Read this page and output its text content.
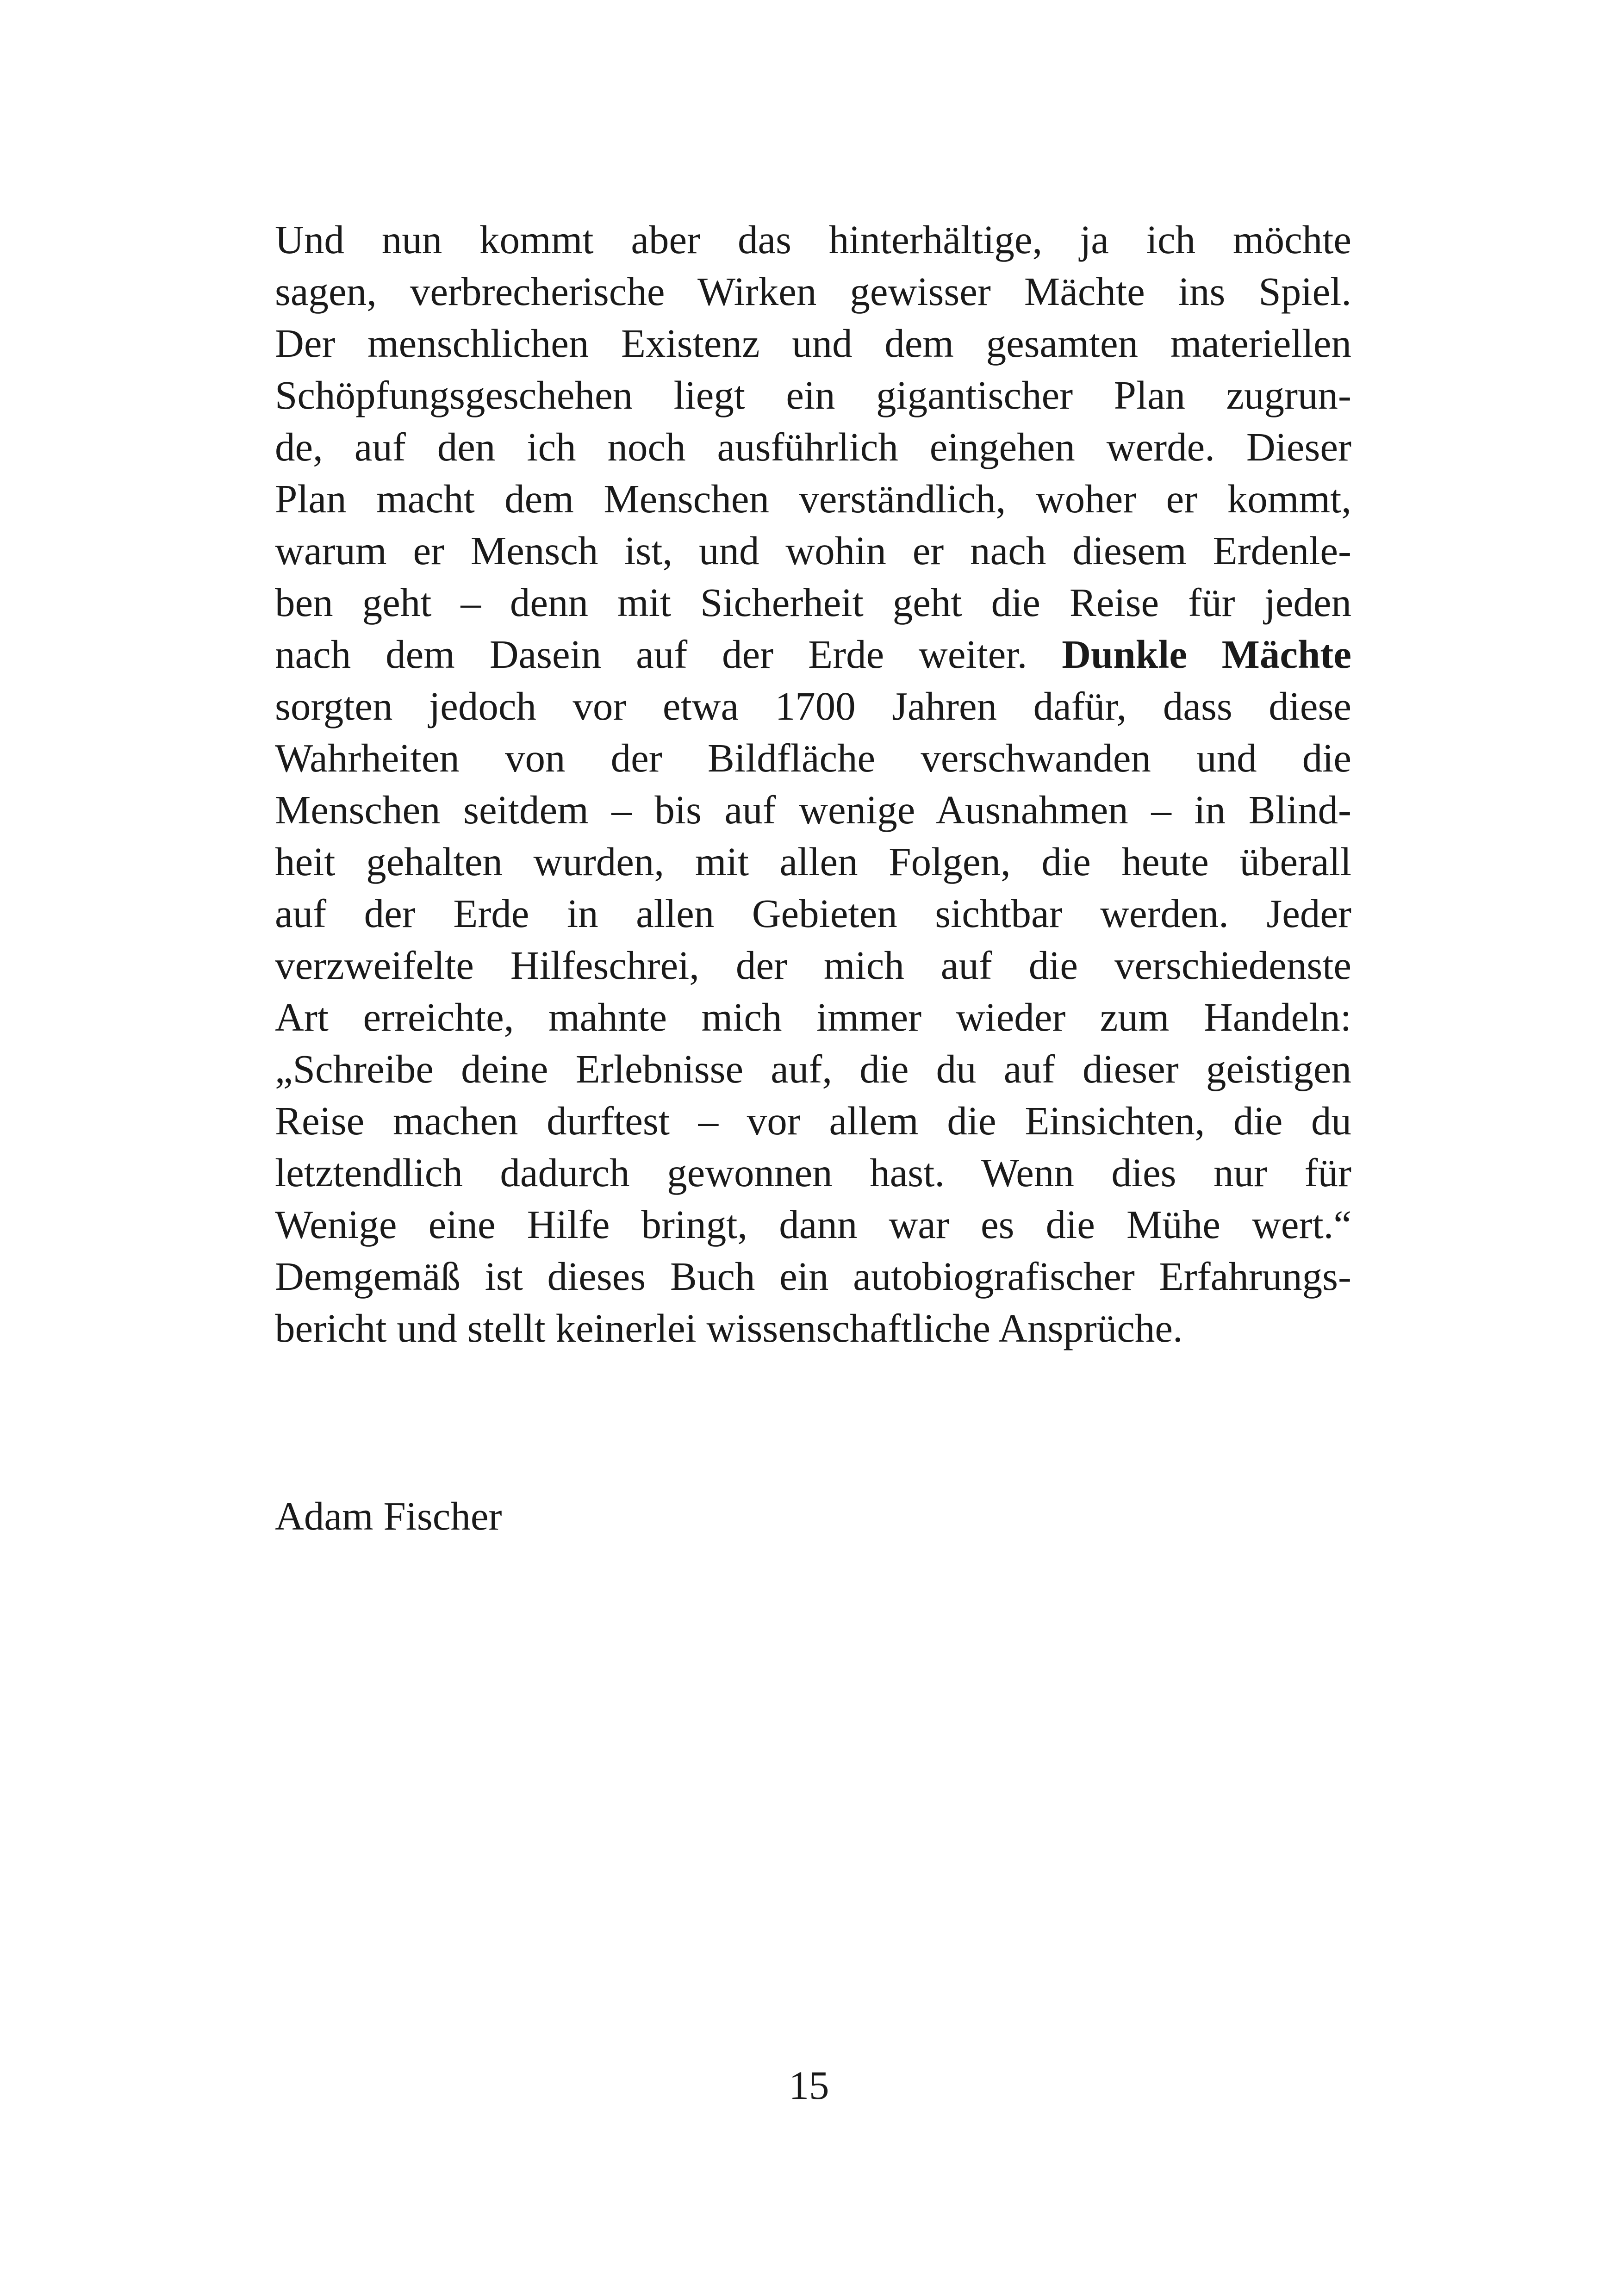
Und nun kommt aber das hinterhältige, ja ich möchte
sagen, verbrecherische Wirken gewisser Mächte ins Spiel.
Der menschlichen Existenz und dem gesamten materiellen
Schöpfungsgeschehen liegt ein gigantischer Plan zugrun-
de, auf den ich noch ausführlich eingehen werde. Dieser
Plan macht dem Menschen verständlich, woher er kommt,
warum er Mensch ist, und wohin er nach diesem Erdenle-
ben geht – denn mit Sicherheit geht die Reise für jeden
nach dem Dasein auf der Erde weiter. Dunkle Mächte
sorgten jedoch vor etwa 1700 Jahren dafür, dass diese
Wahrheiten von der Bildfläche verschwanden und die
Menschen seitdem – bis auf wenige Ausnahmen – in Blind-
heit gehalten wurden, mit allen Folgen, die heute überall
auf der Erde in allen Gebieten sichtbar werden. Jeder
verzweifelte Hilfeschrei, der mich auf die verschiedenste
Art erreichte, mahnte mich immer wieder zum Handeln:
„Schreibe deine Erlebnisse auf, die du auf dieser geistigen
Reise machen durftest – vor allem die Einsichten, die du
letztendlich dadurch gewonnen hast. Wenn dies nur für
Wenige eine Hilfe bringt, dann war es die Mühe wert.“
Demgemäß ist dieses Buch ein autobiografischer Erfahrungs-
bericht und stellt keinerlei wissenschaftliche Ansprüche.
Adam Fischer
15
